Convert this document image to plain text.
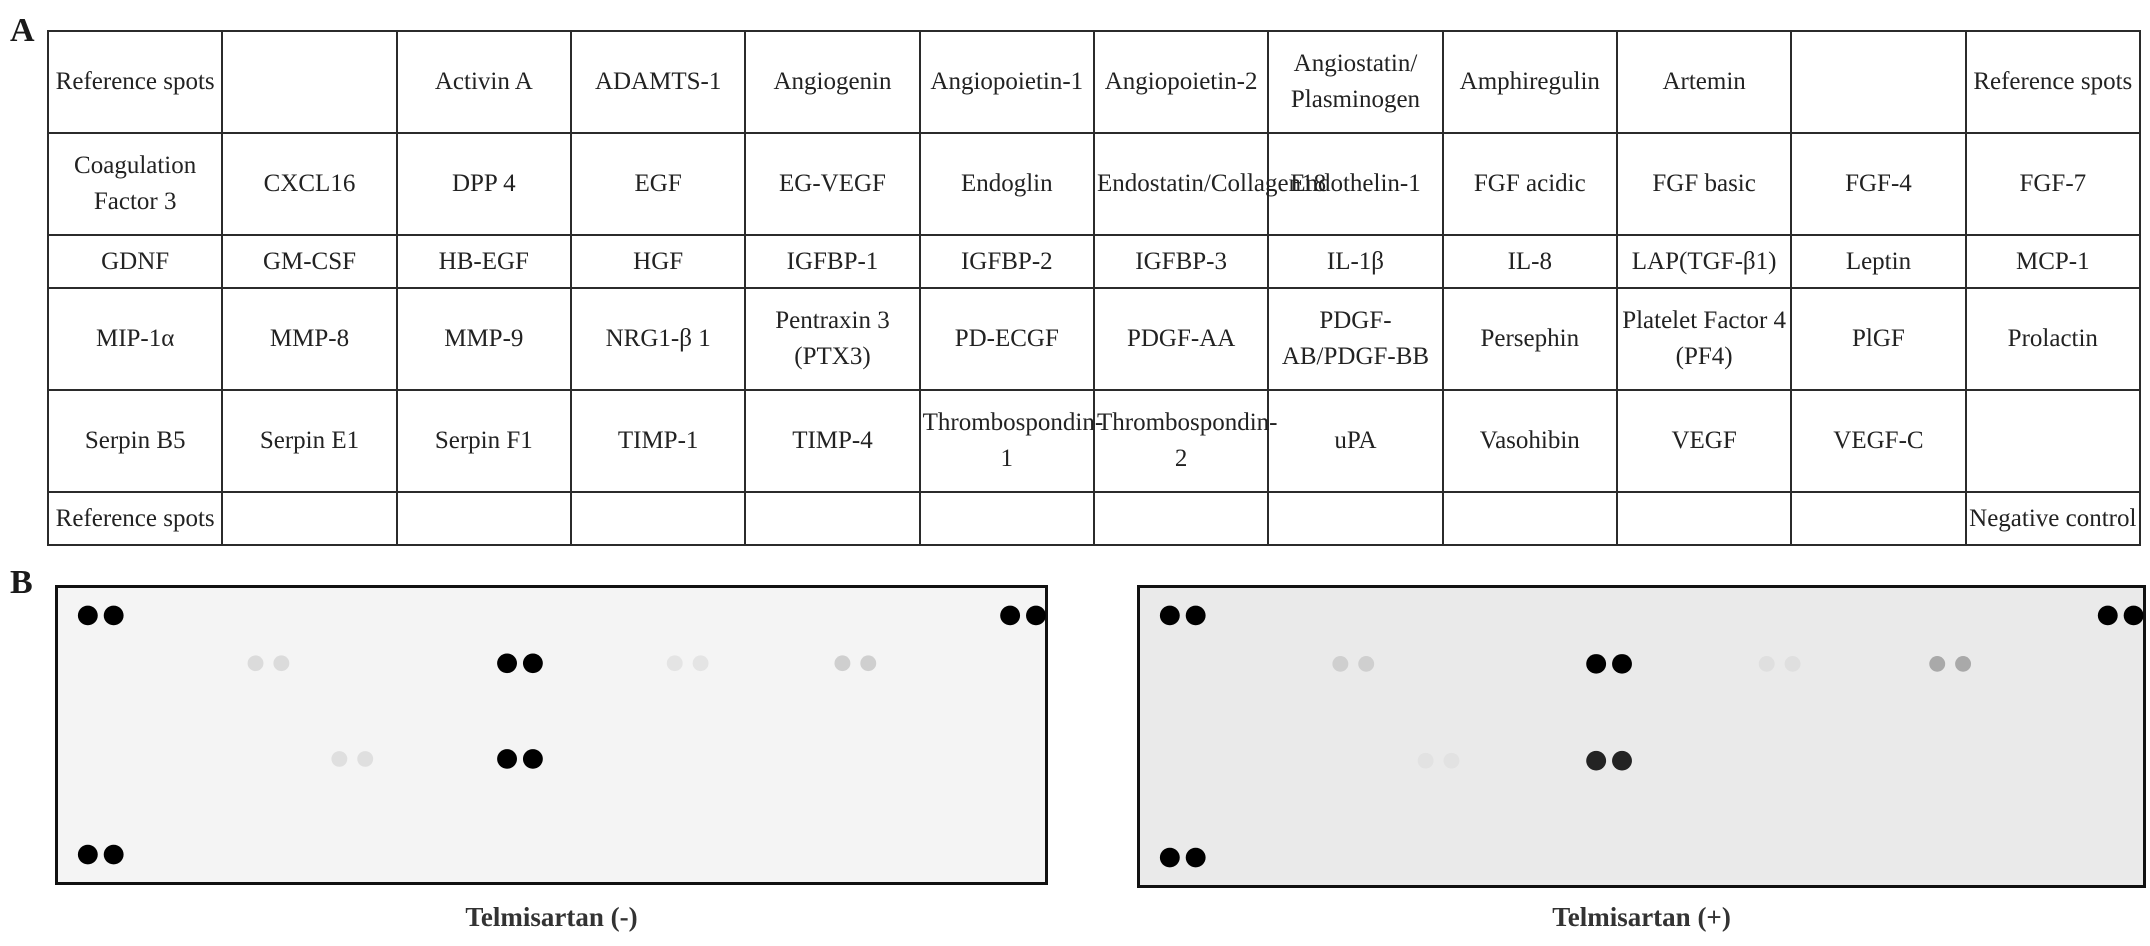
A
Reference spots		Activin A	ADAMTS-1	Angiogenin	Angiopoietin-1	Angiopoietin-2	Angiostatin/ Plasminogen	Amphiregulin	Artemin		Reference spots
Coagulation Factor 3	CXCL16	DPP 4	EGF	EG-VEGF	Endoglin	Endostatin/Collagen18	Endothelin-1	FGF acidic	FGF basic	FGF-4	FGF-7
GDNF	GM-CSF	HB-EGF	HGF	IGFBP-1	IGFBP-2	IGFBP-3	IL-1β	IL-8	LAP(TGF-β1)	Leptin	MCP-1
MIP-1α	MMP-8	MMP-9	NRG1-β 1	Pentraxin 3 (PTX3)	PD-ECGF	PDGF-AA	PDGF-AB/PDGF-BB	Persephin	Platelet Factor 4 (PF4)	PlGF	Prolactin
Serpin B5	Serpin E1	Serpin F1	TIMP-1	TIMP-4	Thrombospondin-1	Thrombospondin-2	uPA	Vasohibin	VEGF	VEGF-C	
Reference spots											Negative control
B
Telmisartan (-)	Telmisartan (+)
